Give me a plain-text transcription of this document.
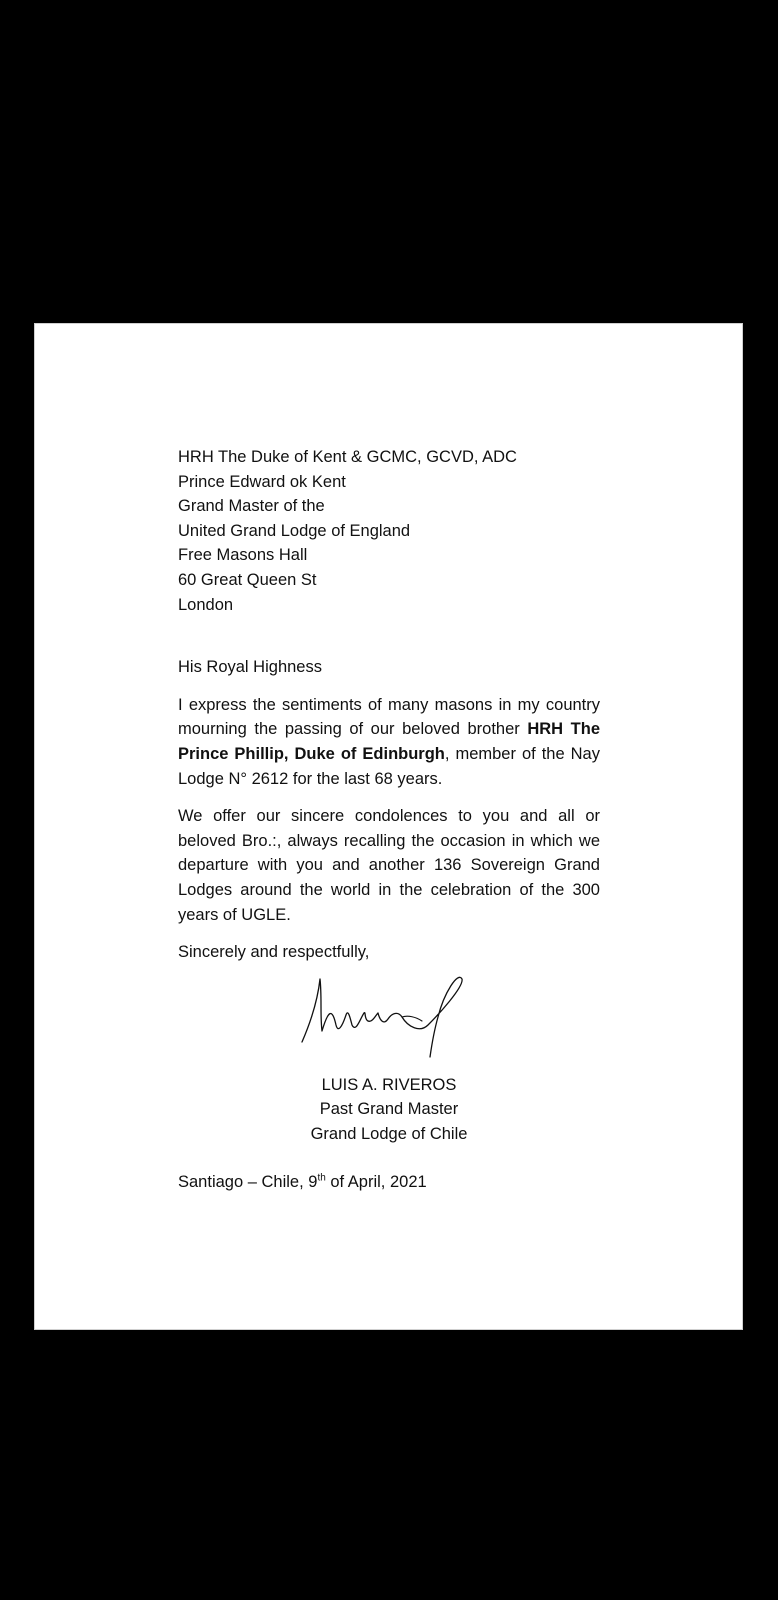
HRH The Duke of Kent & GCMC, GCVD, ADC
Prince Edward ok Kent
Grand Master of the
United Grand Lodge of England
Free Masons Hall
60 Great Queen St
London
His Royal Highness
I express the sentiments of many masons in my country mourning the passing of our beloved brother HRH The Prince Phillip, Duke of Edinburgh, member of the Nay Lodge N° 2612 for the last 68 years.
We offer our sincere condolences to you and all or beloved Bro.:, always recalling the occasion in which we departure with you and another 136 Sovereign Grand Lodges around the world in the celebration of the 300 years of UGLE.
Sincerely and respectfully,
LUIS A. RIVEROS
Past Grand Master
Grand Lodge of Chile
Santiago – Chile, 9th of April, 2021
